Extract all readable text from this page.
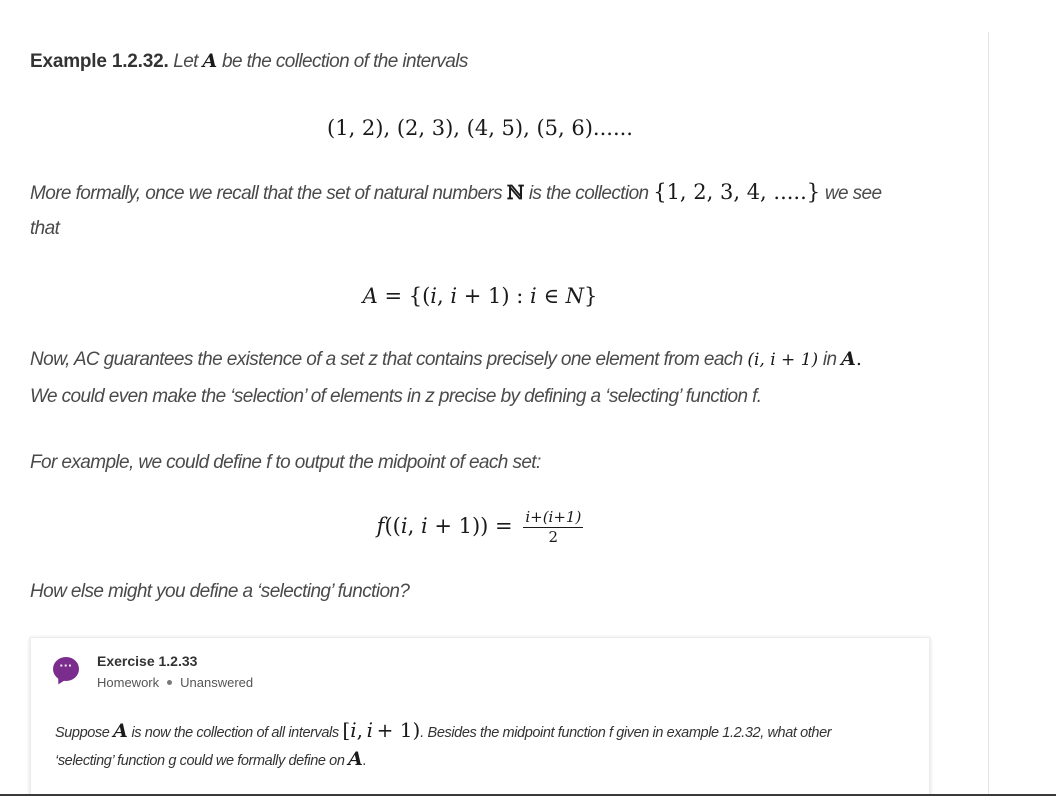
Example 1.2.32. Let A be the collection of the intervals
(1, 2), (2, 3), (4, 5), (5, 6)......
More formally, once we recall that the set of natural numbers ℕ is the collection {1, 2, 3, 4, .....} we see
that
A = {(i, i + 1) : i ∈ N}
Now, AC guarantees the existence of a set z that contains precisely one element from each (i, i + 1) in A.
We could even make the ‘selection’ of elements in z precise by defining a ‘selecting’ function f.
For example, we could define f to output the midpoint of each set:
f((i, $i + 1)) = \frac{i+(i+1)}{2}$
How else might you define a ‘selecting’ function?
···	Exercise 1.2.33
Homework Unanswered
Suppose A is now the collection of all intervals [i, i + 1). Besides the midpoint function f given in example 1.2.32, what other
‘selecting’ function g could we formally define on A.
